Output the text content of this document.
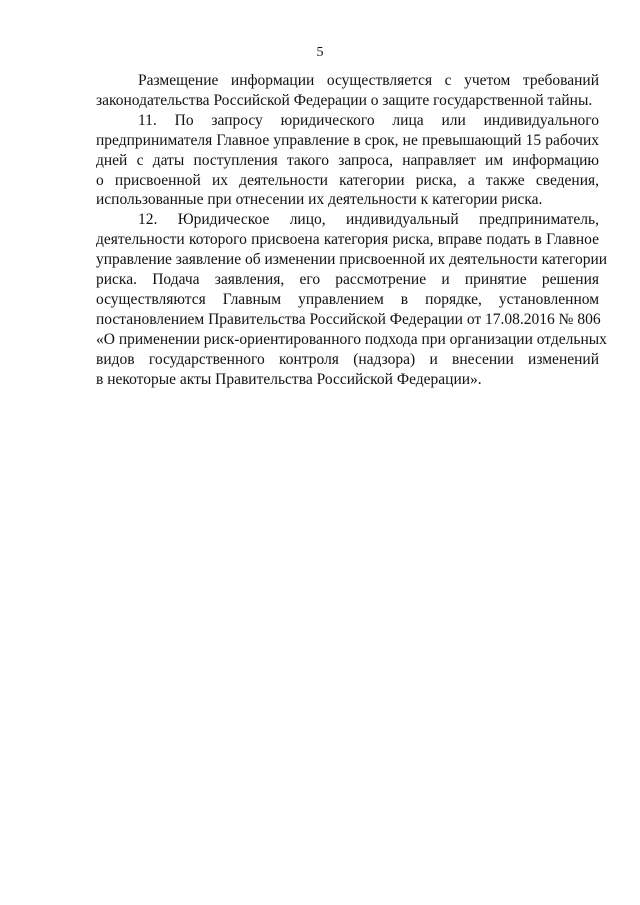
5

Размещение информации осуществляется с учетом требований
законодательства Российской Федерации о защите государственной тайны.

11. По запросу юридического лица или индивидуального
предпринимателя Главное управление в срок, не превышающий 15 рабочих
дней с даты поступления такого запроса, направляет им информацию
о присвоенной их деятельности категории риска, а также сведения,
использованные при отнесении их деятельности к категории риска.

12. Юридическое лицо, индивидуальный предприниматель,
деятельности которого присвоена категория риска, вправе подать в Главное
управление заявление об изменении присвоенной их деятельности категории
риска. Подача заявления, его рассмотрение и принятие решения
осуществляются Главным управлением в порядке, установленном
постановлением Правительства Российской Федерации от 17.08.2016 № 806
«О применении риск-ориентированного подхода при организации отдельных
видов государственного контроля (надзора) и внесении изменений
в некоторые акты Правительства Российской Федерации».
